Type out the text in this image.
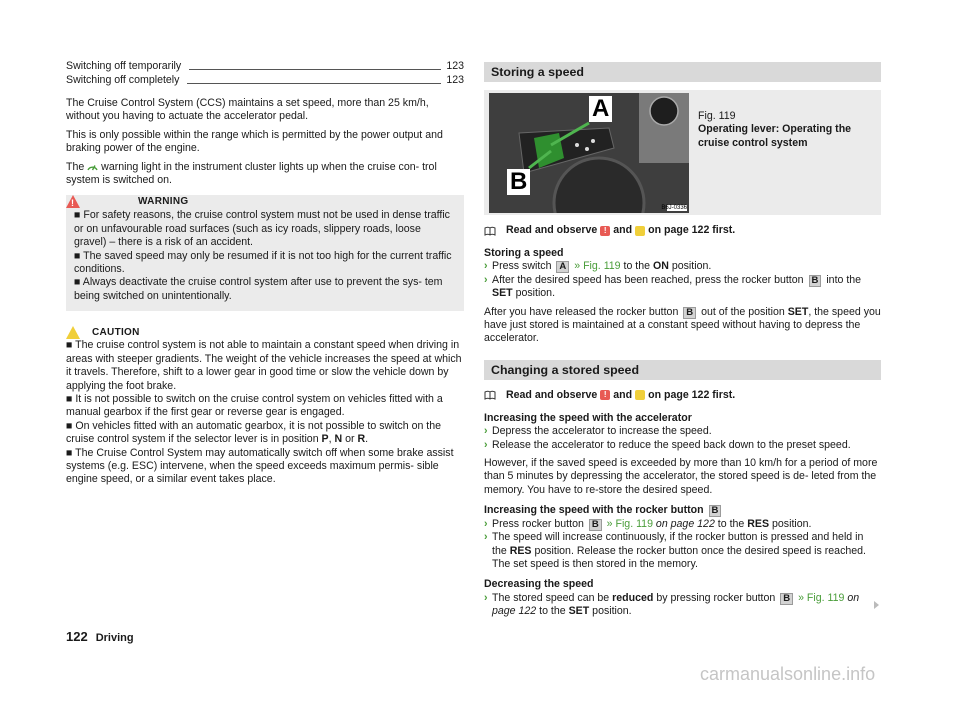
Switching off temporarily	123
Switching off completely	123

The Cruise Control System (CCS) maintains a set speed, more than 25 km/h, without you having to actuate the accelerator pedal.

This is only possible within the range which is permitted by the power output and braking power of the engine.

The warning light in the instrument cluster lights up when the cruise con- trol system is switched on.

!	WARNING
■ For safety reasons, the cruise control system must not be used in dense traffic or on unfavourable road surfaces (such as icy roads, slippery roads, loose gravel) – there is a risk of an accident.
■ The saved speed may only be resumed if it is not too high for the current traffic conditions.
■ Always deactivate the cruise control system after use to prevent the sys- tem being switched on unintentionally.
CAUTION
■ The cruise control system is not able to maintain a constant speed when driving in areas with steeper gradients. The weight of the vehicle increases the speed at which it travels. Therefore, shift to a lower gear in good time or slow the vehicle down by applying the foot brake.
■ It is not possible to switch on the cruise control system on vehicles fitted with a manual gearbox if the first gear or reverse gear is engaged.
■ On vehicles fitted with an automatic gearbox, it is not possible to switch on the cruise control system if the selector lever is in position P, N or R.
■ The Cruise Control System may automatically switch off when some brake assist systems (e.g. ESC) intervene, when the speed exceeds maximum permis- sible engine speed, or a similar event takes place.
Storing a speed
A
B
B6J-0336
Fig. 119
Operating lever: Operating the cruise control system
Read and observe ! and on page 122 first.
Storing a speed

› Press switch A » Fig. 119 to the ON position.

› After the desired speed has been reached, press the rocker button B into the SET position.

After you have released the rocker button B out of the position SET, the speed you have just stored is maintained at a constant speed without having to depress the accelerator.

Changing a stored speed
Read and observe ! and on page 122 first.
Increasing the speed with the accelerator

› Depress the accelerator to increase the speed.

› Release the accelerator to reduce the speed back down to the preset speed.

However, if the saved speed is exceeded by more than 10 km/h for a period of more than 5 minutes by depressing the accelerator, the stored speed is de- leted from the memory. You have to re-store the desired speed.

Increasing the speed with the rocker button B

› Press rocker button B » Fig. 119 on page 122 to the RES position.

› The speed will increase continuously, if the rocker button is pressed and held in the RES position. Release the rocker button once the desired speed is reached. The set speed is then stored in the memory.

Decreasing the speed

› The stored speed can be reduced by pressing rocker button B » Fig. 119 on page 122 to the SET position.

122 Driving
carmanualsonline.info
